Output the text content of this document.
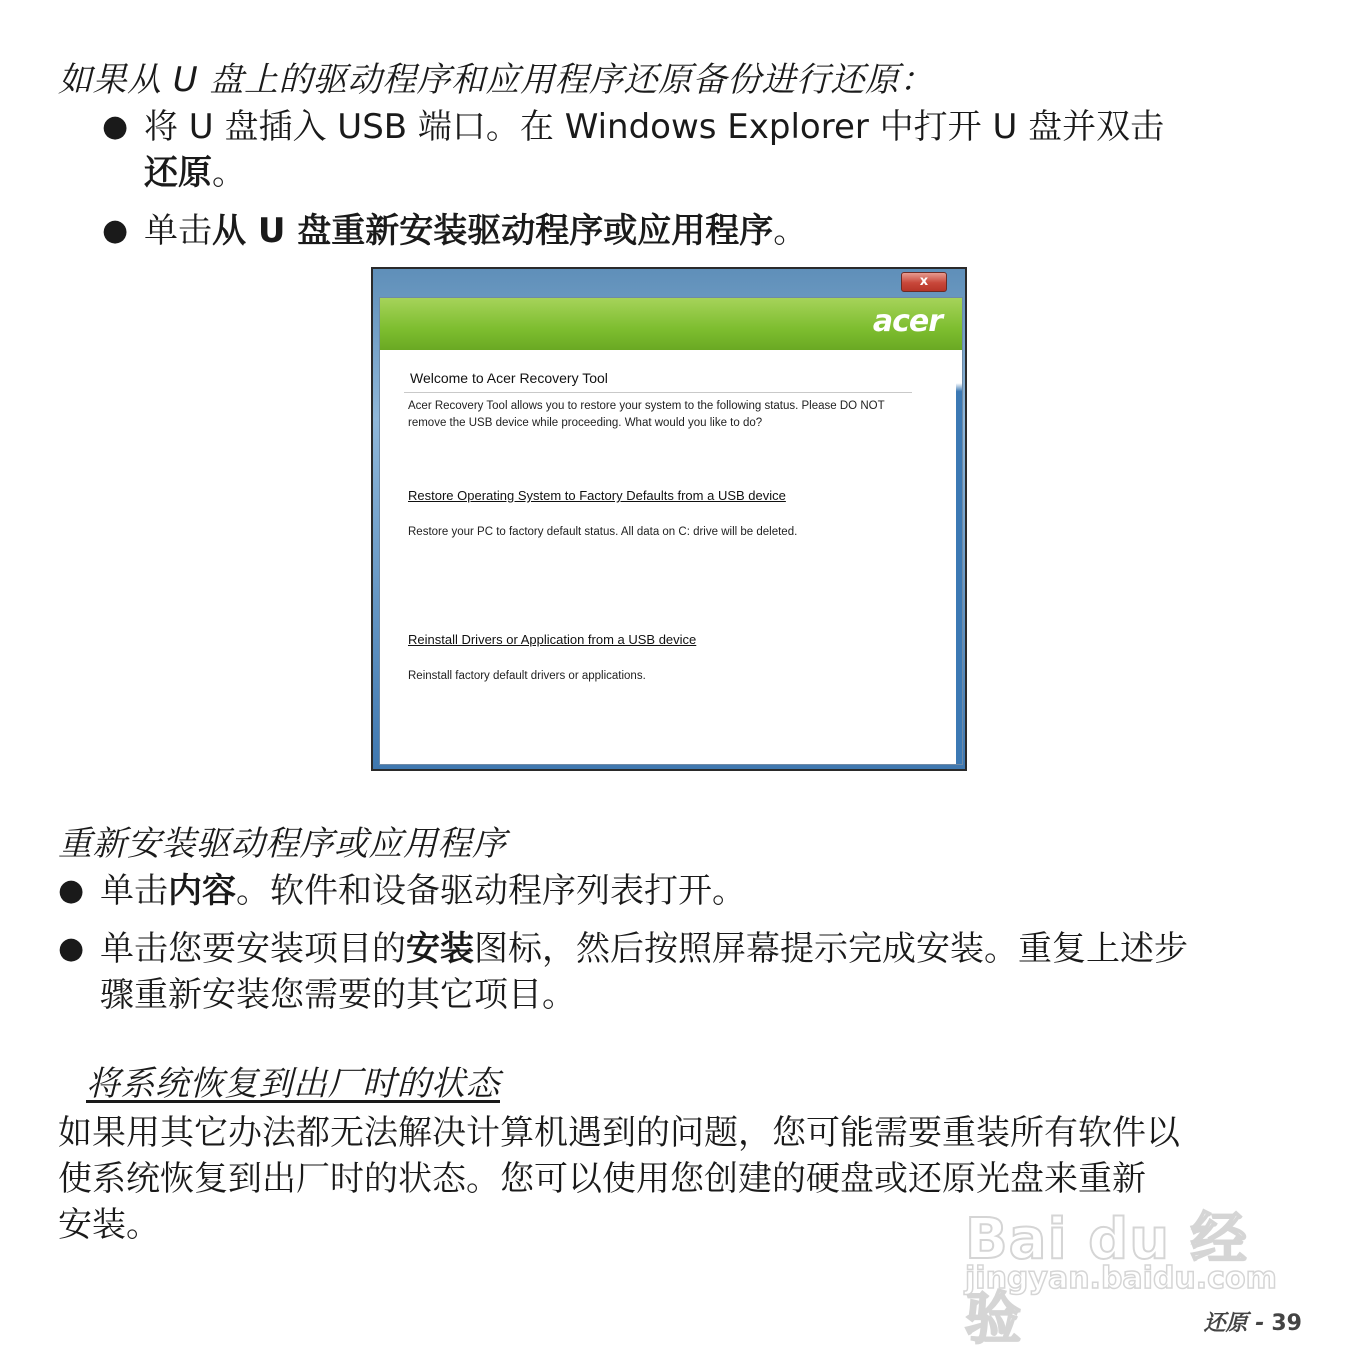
如果从 U 盘上的驱动程序和应用程序还原备份进行还原：
● 将 U 盘插入 USB 端口。在 Windows Explorer 中打开 U 盘并双击
还原。
● 单击从 U 盘重新安装驱动程序或应用程序。
x
acer
Welcome to Acer Recovery Tool
Acer Recovery Tool allows you to restore your system to the following status. Please DO NOT remove the USB device while proceeding. What would you like to do?
Restore Operating System to Factory Defaults from a USB device
Restore your PC to factory default status. All data on C: drive will be deleted.
Reinstall Drivers or Application from a USB device
Reinstall factory default drivers or applications.
重新安装驱动程序或应用程序
● 单击内容。软件和设备驱动程序列表打开。
● 单击您要安装项目的安装图标，然后按照屏幕提示完成安装。重复上述步
骤重新安装您需要的其它项目。
将系统恢复到出厂时的状态
如果用其它办法都无法解决计算机遇到的问题，您可能需要重装所有软件以
使系统恢复到出厂时的状态。您可以使用您创建的硬盘或还原光盘来重新
安装。	Bai du 经验
jingyan.baidu.com
还原 - 39
